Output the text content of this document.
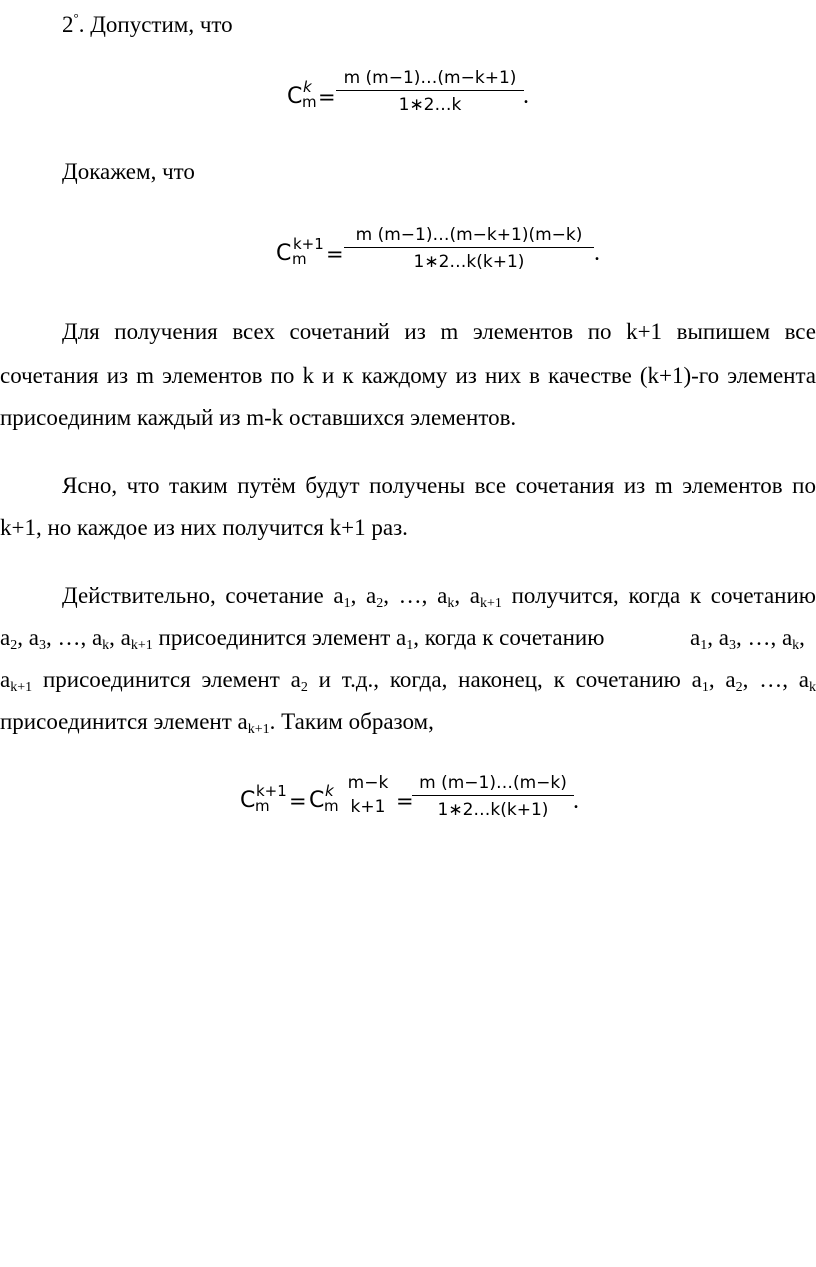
2°. Допустим, что
C k
m =
m (m−1)…(m−k+1)
1∗2…k	.
Докажем, что
C k+1
m =
m (m−1)…(m−k+1)(m−k)
1∗2…k(k+1)	.
Для получения всех сочетаний из m элементов по k+1 выпишем все
сочетания из m элементов по k и к каждому из них в качестве (k+1)-го элемента
присоединим каждый из m-k оставшихся элементов.
Ясно, что таким путём будут получены все сочетания из m элементов по
k+1, но каждое из них получится k+1 раз.
Действительно, сочетание $a_1$, $a_2$, …, $a_k$, $a_{k+1}$ получится, когда к сочетанию
$a_2$, $a_3$, …, $a_k$, $a_{k+1}$ присоединится элемент $a_1$, когда к сочетанию	$a_1$, $a_3$, …, $a_k$,
$a_{k+1}$ присоединится элемент $a_2$ и т.д., когда, наконец, к сочетанию $a_1$, $a_2$, …, $a_k$
присоединится элемент $a_{k+1}$. Таким образом,
C k+1
m = C k
m
m−k
k+1 =
m (m−1)…(m−k)
1∗2…k(k+1)	.
